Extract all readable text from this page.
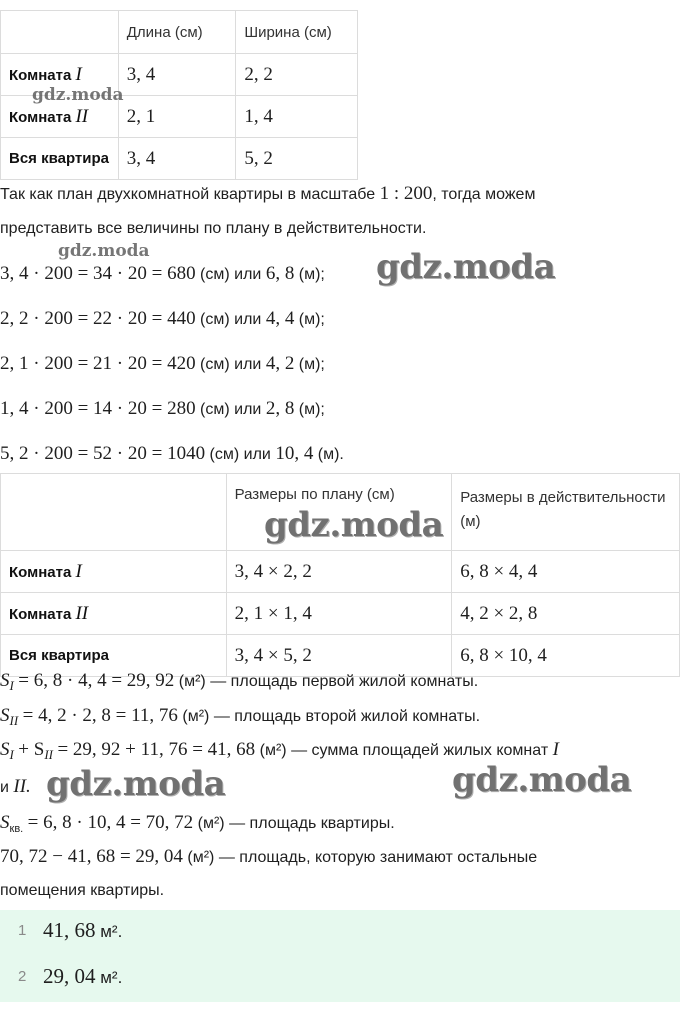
	Длина (см)	Ширина (см)
Комната I	3, 4	2, 2
Комната II	2, 1	1, 4
Вся квартира	3, 4	5, 2
Так как план двухкомнатной квартиры в масштабе 1 : 200, тогда можем
представить все величины по плану в действительности.
3, 4 · 200 = 34 · 20 = 680 (см) или 6, 8 (м);
2, 2 · 200 = 22 · 20 = 440 (см) или 4, 4 (м);
2, 1 · 200 = 21 · 20 = 420 (см) или 4, 2 (м);
1, 4 · 200 = 14 · 20 = 280 (см) или 2, 8 (м);
5, 2 · 200 = 52 · 20 = 1040 (см) или 10, 4 (м).
	Размеры по плану (см)	Размеры в действительности (м)
Комната I	3, 4 × 2, 2	6, 8 × 4, 4
Комната II	2, 1 × 1, 4	4, 2 × 2, 8
Вся квартира	3, 4 × 5, 2	6, 8 × 10, 4
$S_I = 6$, 8 · 4, 4 = 29, 92 (м²) — площадь первой жилой комнаты.
$S_{II} = 4$, 2 · 2, 8 = 11, 76 (м²) — площадь второй жилой комнаты.
$S_I + S_{II} = 29$, 92 + 11, 76 = 41, 68 (м²) — сумма площадей жилых комнат I
и II.
$S_{кв.} = 6$, 8 · 10, 4 = 70, 72 (м²) — площадь квартиры.
70, 72 − 41, 68 = 29, 04 (м²) — площадь, которую занимают остальные
помещения квартиры.
1 41, 68 м².
2 29, 04 м².
gdz.moda
gdz.moda	gdz.moda
gdz.moda
gdz.moda	gdz.moda
